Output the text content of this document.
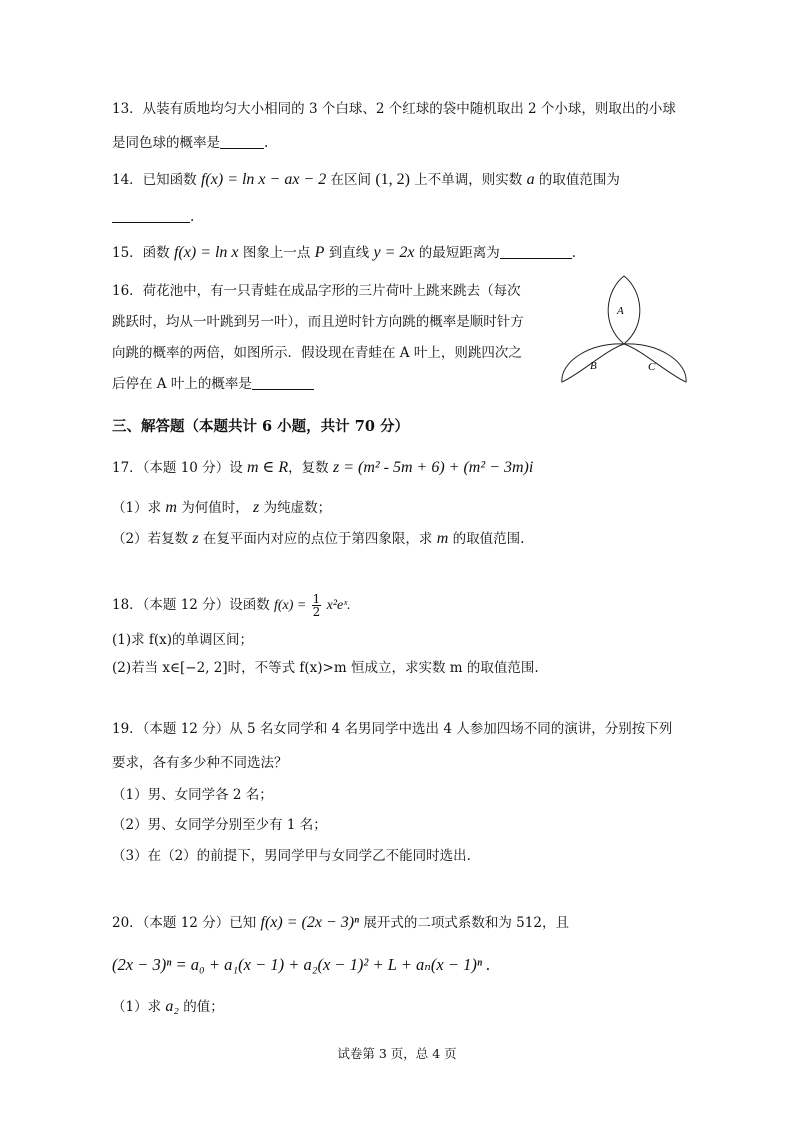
13．从装有质地均匀大小相同的 3 个白球、2 个红球的袋中随机取出 2 个小球，则取出的小球
是同色球的概率是	.
14．已知函数 f(x) = ln x − ax − 2 在区间 (1, 2) 上不单调，则实数 a 的取值范围为
.
15．函数 f(x) = ln x 图象上一点 P 到直线 y = 2x 的最短距离为	.
16．荷花池中，有一只青蛙在成品字形的三片荷叶上跳来跳去（每次
跳跃时，均从一叶跳到另一叶），而且逆时针方向跳的概率是顺时针方
向跳的概率的两倍，如图所示．假设现在青蛙在 A 叶上，则跳四次之
后停在 A 叶上的概率是
A
B	C
三、解答题（本题共计 6 小题，共计 70 分）
17．（本题 10 分）设 m ∈ R，复数 z = (m² - 5m + 6) + (m² − 3m)i
（1）求 m 为何值时， z 为纯虚数；
（2）若复数 z 在复平面内对应的点位于第四象限，求 m 的取值范围.
18．（本题 12 分）设函数 $f(x) = \frac{1}{2}$ x²eˣ.
(1)求 f(x)的单调区间；
(2)若当 x∈[−2, 2]时，不等式 f(x)>m 恒成立，求实数 m 的取值范围.
19．（本题 12 分）从 5 名女同学和 4 名男同学中选出 4 人参加四场不同的演讲，分别按下列
要求，各有多少种不同选法？
（1）男、女同学各 2 名；
（2）男、女同学分别至少有 1 名；
（3）在（2）的前提下，男同学甲与女同学乙不能同时选出.
20．（本题 12 分）已知 f(x) = (2x − 3)ⁿ 展开式的二项式系数和为 512，且
(2x − 3)ⁿ = a₀ + a₁(x − 1) + a₂(x − 1)² + L + aₙ(x − 1)ⁿ .
（1）求 a₂ 的值；
试卷第 3 页，总 4 页
